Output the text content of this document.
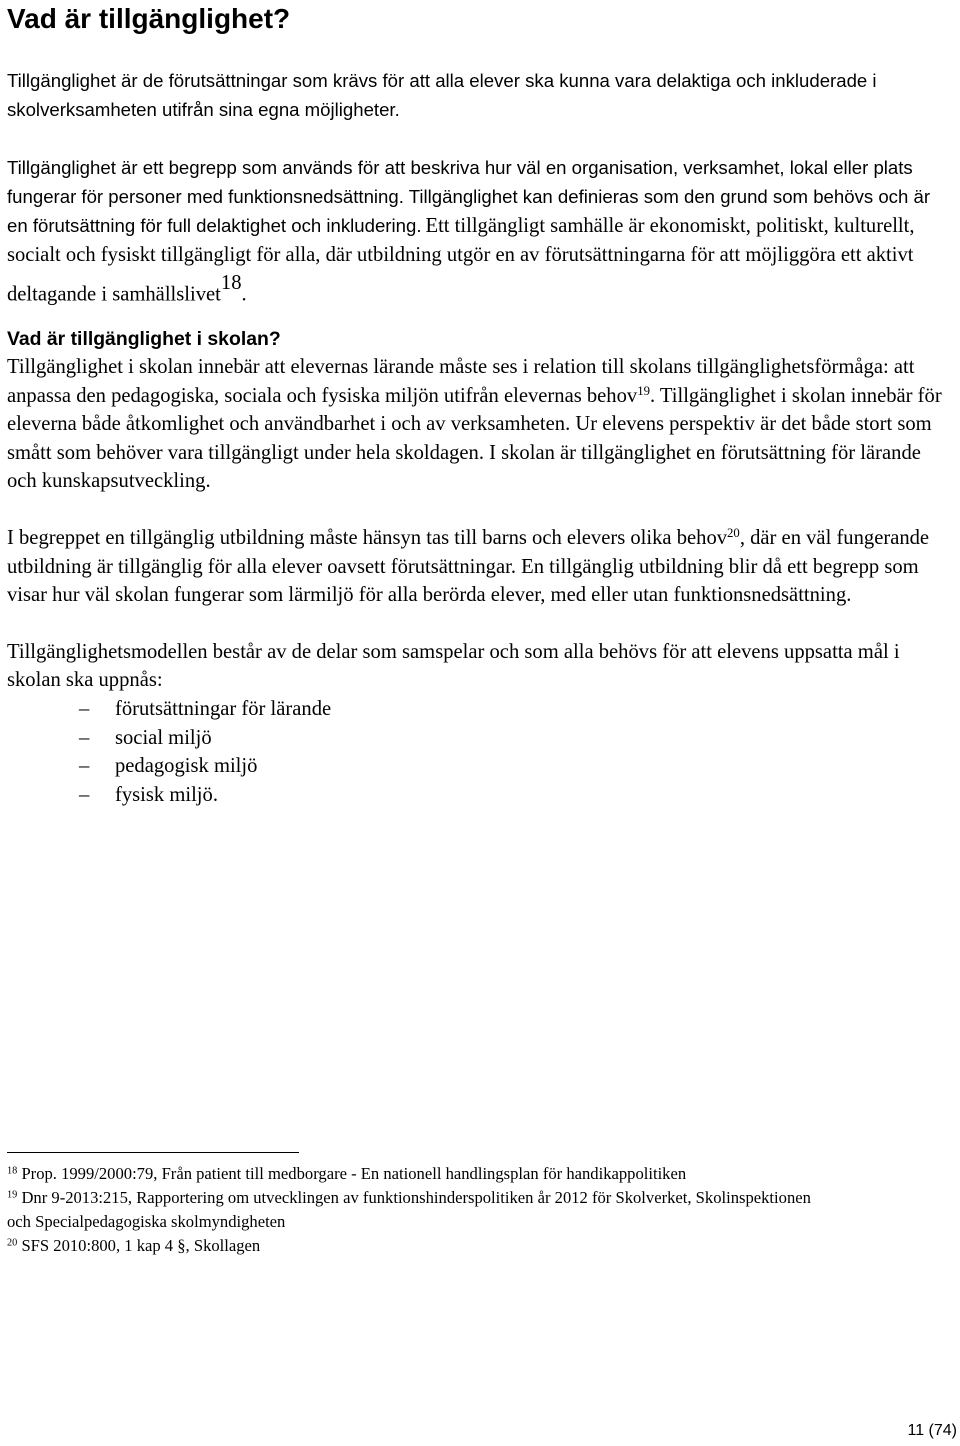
Vad är tillgänglighet?

Tillgänglighet är de förutsättningar som krävs för att alla elever ska kunna vara delaktiga och inkluderade i skolverksamheten utifrån sina egna möjligheter.

Tillgänglighet är ett begrepp som används för att beskriva hur väl en organisation, verksamhet, lokal eller plats fungerar för personer med funktionsnedsättning. Tillgänglighet kan definieras som den grund som behövs och är en förutsättning för full delaktighet och inkludering. Ett tillgängligt samhälle är ekonomiskt, politiskt, kulturellt, socialt och fysiskt tillgängligt för alla, där utbildning utgör en av förutsättningarna för att möjliggöra ett aktivt deltagande i samhällslivet$^{18}$.

Vad är tillgänglighet i skolan?

Tillgänglighet i skolan innebär att elevernas lärande måste ses i relation till skolans tillgänglighetsförmåga: att anpassa den pedagogiska, sociala och fysiska miljön utifrån elevernas behov$^{19}$. Tillgänglighet i skolan innebär för eleverna både åtkomlighet och användbarhet i och av verksamheten. Ur elevens perspektiv är det både stort som smått som behöver vara tillgängligt under hela skoldagen. I skolan är tillgänglighet en förutsättning för lärande och kunskapsutveckling.

I begreppet en tillgänglig utbildning måste hänsyn tas till barns och elevers olika behov$^{20}$, där en väl fungerande utbildning är tillgänglig för alla elever oavsett förutsättningar. En tillgänglig utbildning blir då ett begrepp som visar hur väl skolan fungerar som lärmiljö för alla berörda elever, med eller utan funktionsnedsättning.

Tillgänglighetsmodellen består av de delar som samspelar och som alla behövs för att elevens uppsatta mål i skolan ska uppnås:

– förutsättningar för lärande
– social miljö
– pedagogisk miljö
– fysisk miljö.

$^{18}$ Prop. 1999/2000:79, Från patient till medborgare - En nationell handlingsplan för handikappolitiken

$^{19}$ Dnr 9-2013:215, Rapportering om utvecklingen av funktionshinderspolitiken år 2012 för Skolverket, Skolinspektionen och Specialpedagogiska skolmyndigheten

$^{20}$ SFS 2010:800, 1 kap 4 §, Skollagen

11 (74)
